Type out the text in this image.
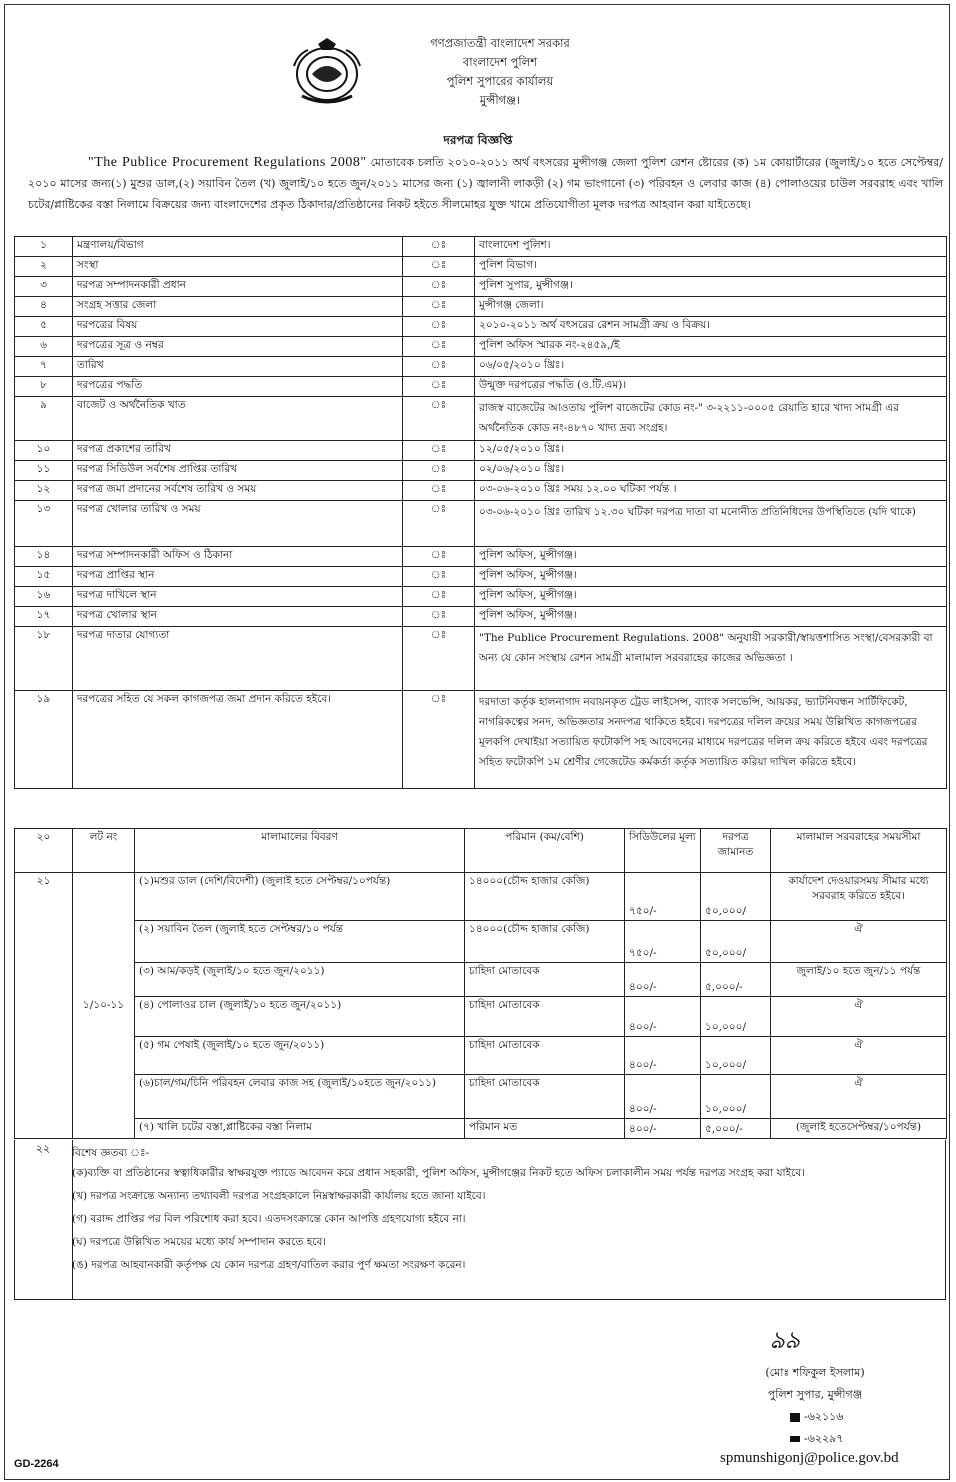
গণপ্রজাতন্ত্রী বাংলাদেশ সরকার
বাংলাদেশ পুলিশ
পুলিশ সুপারের কার্যালয়
মুন্সীগঞ্জ।
দরপত্র বিজ্ঞপ্তি
"The Publice Procurement Regulations 2008" মোতাবেক চলতি ২০১০-২০১১ অর্থ বৎসরের মুন্সীগঞ্জ জেলা পুলিশ রেশন ষ্টোরের (ক) ১ম কোয়ার্টারের (জুলাই/১০ হতে সেপ্টেম্বর/২০১০ মাসের জন্য(১) মুশুর ডাল,(২) সয়াবিন তৈল (খ) জুলাই/১০ হতে জুন/২০১১ মাসের জন্য (১) জ্বালানী লাকড়ী (২) গম ভাংগানো (৩) পরিবহন ও লেবার কাজ (৪) পোলাওয়ের চাউল সরবরাহ এবং খালি চটের/প্লাষ্টিকের বস্তা নিলামে বিক্রয়ের জন্য বাংলাদেশের প্রকৃত ঠিকাদার/প্রতিষ্ঠানের নিকট হইতে সীলমোহর যুক্ত খামে প্রতিযোগীতা মূলক দরপত্র আহবান করা যাইতেছে।
১	মন্ত্রণালয়/বিভাগ	ঃ	বাংলাদেশ পুলিশ।
২	সংস্থা	ঃ	পুলিশ বিভাগ।
৩	দরপত্র সম্পাদনকারী প্রধান	ঃ	পুলিশ সুপার, মুন্সীগঞ্জ।
৪	সংগ্রহ সত্তার জেলা	ঃ	মুন্সীগঞ্জ জেলা।
৫	দরপত্রের বিষয়	ঃ	২০১০-২০১১ অর্থ বৎসরের রেশন সামগ্রী ক্রয় ও বিক্রয়।
৬	দরপত্রের সূত্র ও নম্বর	ঃ	পুলিশ অফিস স্মারক নং-২৪৫৯,/ই
৭	তারিখ	ঃ	০৬/০৫/২০১০ খ্রিঃ।
৮	দরপত্রের পদ্ধতি	ঃ	উন্মুক্ত দরপত্রের পদ্ধতি (ও.টি.এম)।
৯	বাজেট ও অর্থনৈতিক খাত	ঃ	রাজস্ব বাজেটের আওতায় পুলিশ বাজেটের কোড নং-" ৩-২২১১-০০০৫ রেয়াতি হারে খাদ্য সামগ্রী এর অর্থনৈতিক কোড নং-৪৮৭০ খাদ্য দ্রব্য সংগ্রহ।
১০	দরপত্র প্রকাশের তারিখ	ঃ	১২/০৫/২০১০ খ্রিঃ।
১১	দরপত্র সিডিউল সর্বশেষ প্রাপ্তির তারিখ	ঃ	০২/০৬/২০১০ খ্রিঃ।
১২	দরপত্র জমা প্রদানের সর্বশেষ তারিখ ও সময়	ঃ	০৩-০৬-২০১০ খ্রিঃ সময় ১২.০০ ঘটিকা পর্যন্ত ।
১৩	দরপত্র খোলার তারিখ ও সময়	ঃ	০৩-০৬-২০১০ খ্রিঃ তারিখ ১২.৩০ ঘটিকা দরপত্র দাতা বা মনোনীত প্রতিনিধিদের উপস্থিতিতে (যদি থাকে)
১৪	দরপত্র সম্পাদনকারী অফিস ও ঠিকানা	ঃ	পুলিশ অফিস, মুন্সীগঞ্জ।
১৫	দরপত্র প্রাপ্তির স্থান	ঃ	পুলিশ অফিস, মুন্সীগঞ্জ।
১৬	দরপত্র দাখিলে স্থান	ঃ	পুলিশ অফিস, মুন্সীগঞ্জ।
১৭	দরপত্র খোলার স্থান	ঃ	পুলিশ অফিস, মুন্সীগঞ্জ।
১৮	দরপত্র দাতার যোগ্যতা	ঃ	"The Publice Procurement Regulations. 2008" অনুযায়ী সরকারী/স্বায়ত্তশাসিত সংস্থা/বেসরকারী বা অন্য যে কোন সংস্থায় রেশন সামগ্রী মালামাল সরবরাহের কাজের অভিজ্ঞতা ।
১৯	দরপত্রের সহিত যে সকল কাগজপত্র জমা প্রদান করিতে হইবে।	ঃ	দরদাতা কর্তৃক হালনাগাদ নবায়নকৃত ট্রেড লাইসেন্স, ব্যাংক সলভেন্সি, আয়কর, ভ্যাটনিবন্ধন সার্টিফিকেট, নাগরিকত্বের সনদ, অভিজ্ঞতার সনদপত্র থাকিতে হইবে। দরপত্রের দলিল ক্রয়ের সময় উল্লিখিত কাগজপত্রের মূলকপি দেখাইয়া সত্যায়িত ফটোকপি সহ আবেদনের মাধ্যমে দরপত্রের দলিল ক্রয় করিতে হইবে এবং দরপত্রের সহিত ফটোকপি ১ম শ্রেণীর গেজেটেড কর্মকর্তা কর্তৃক সত্যায়িত করিয়া দাখিল করিতে হইবে।
২০	লট নং	মালামালের বিবরণ	পরিমান (কম/বেশি)	সিডিউলের মূল্য	দরপত্র জামানত	মালামাল সরবরাহের সময়সীমা
২১	১/১০-১১	(১)মশুর ডাল (দেশি/বিদেশী) (জুলাই হতে সেপ্টম্বর/১০পর্যন্ত)	১৪০০০(চৌদ্দ হাজার কেজি)	৭৫০/-	৫০,০০০/	কার্যাদেশ দেওয়ারসময় সীমার মধ্যে সরবরাহ করিতে হইবে।
		(২) সয়াবিন তৈল (জুলাই হতে সেপ্টম্বর/১০ পর্যন্ত	১৪০০০(চৌদ্দ হাজার কেজি)	৭৫০/-	৫০,০০০/	ঐ
		(৩) আম/কড়ই (জুলাই/১০ হতে জুন/২০১১)	চাহিদা মোতাবেক	৪০০/-	৫,০০০/-	জুলাই/১০ হতে জুন/১১ পর্যন্ত
		(৪) পোলাওর চাল (জুলাই/১০ হতে জুন/২০১১)	চাহিদা মোতাবেক	৪০০/-	১০,০০০/	ঐ
		(৫) গম পেষাই (জুলাই/১০ হতে জুন/২০১১)	চাহিদা মোতাবেক	৪০০/-	১০,০০০/	ঐ
		(৬)চাল/গম/চিনি পরিবহন লেবার কাজ সহ (জুলাই/১০হতে জুন/২০১১)	চাহিদা মোতাবেক	৪০০/-	১০,০০০/	ঐ
		(৭) খালি চটের বস্তা,প্লাষ্টিকের বস্তা নিলাম	পরিমান মত	৪০০/-	৫,০০০/-	(জুলাই হতেসেপ্টম্বর/১০পর্যন্ত)
২২	বিশেষ জ্ঞতব্য ঃ-
(ক)ব্যক্তি বা প্রতিষ্ঠানের স্বত্বাধিকারীর স্বাক্ষরযুক্ত প্যাডে আবেদন করে প্রধান সহকারী, পুলিশ অফিস, মুন্সীগঞ্জের নিকট হতে অফিস চলাকালীন সময় পর্যন্ত দরপত্র সংগ্রহ করা যাইবে।
(খ) দরপত্র সংক্রান্তে অন্যান্য তথ্যাবলী দরপত্র সংগ্রহকালে নিম্নস্বাক্ষরকারী কার্যালয় হতে জানা যাইবে।
(গ) বরাদ্দ প্রাপ্তির পর বিল পরিশোধ করা হবে। এতদসংক্রান্তে কোন আপত্তি গ্রহণযোগ্য হইবে না।
(ঘ) দরপত্রে উল্লিখিত সময়ের মধ্যে কার্য সম্পাদান করতে হবে।
(ঙ) দরপত্র আহবানকারী কর্তৃপক্ষ যে কোন দরপত্র গ্রহণ/বাতিল করার পুর্ণ ক্ষমতা সংরক্ষণ করেন।
ঌ৯
(মোঃ শফিকুল ইসলাম)
পুলিশ সুপার, মুন্সীগঞ্জ
-৬২১১৬
-৬২২৯৭
spmunshigonj@police.gov.bd
GD-2264
